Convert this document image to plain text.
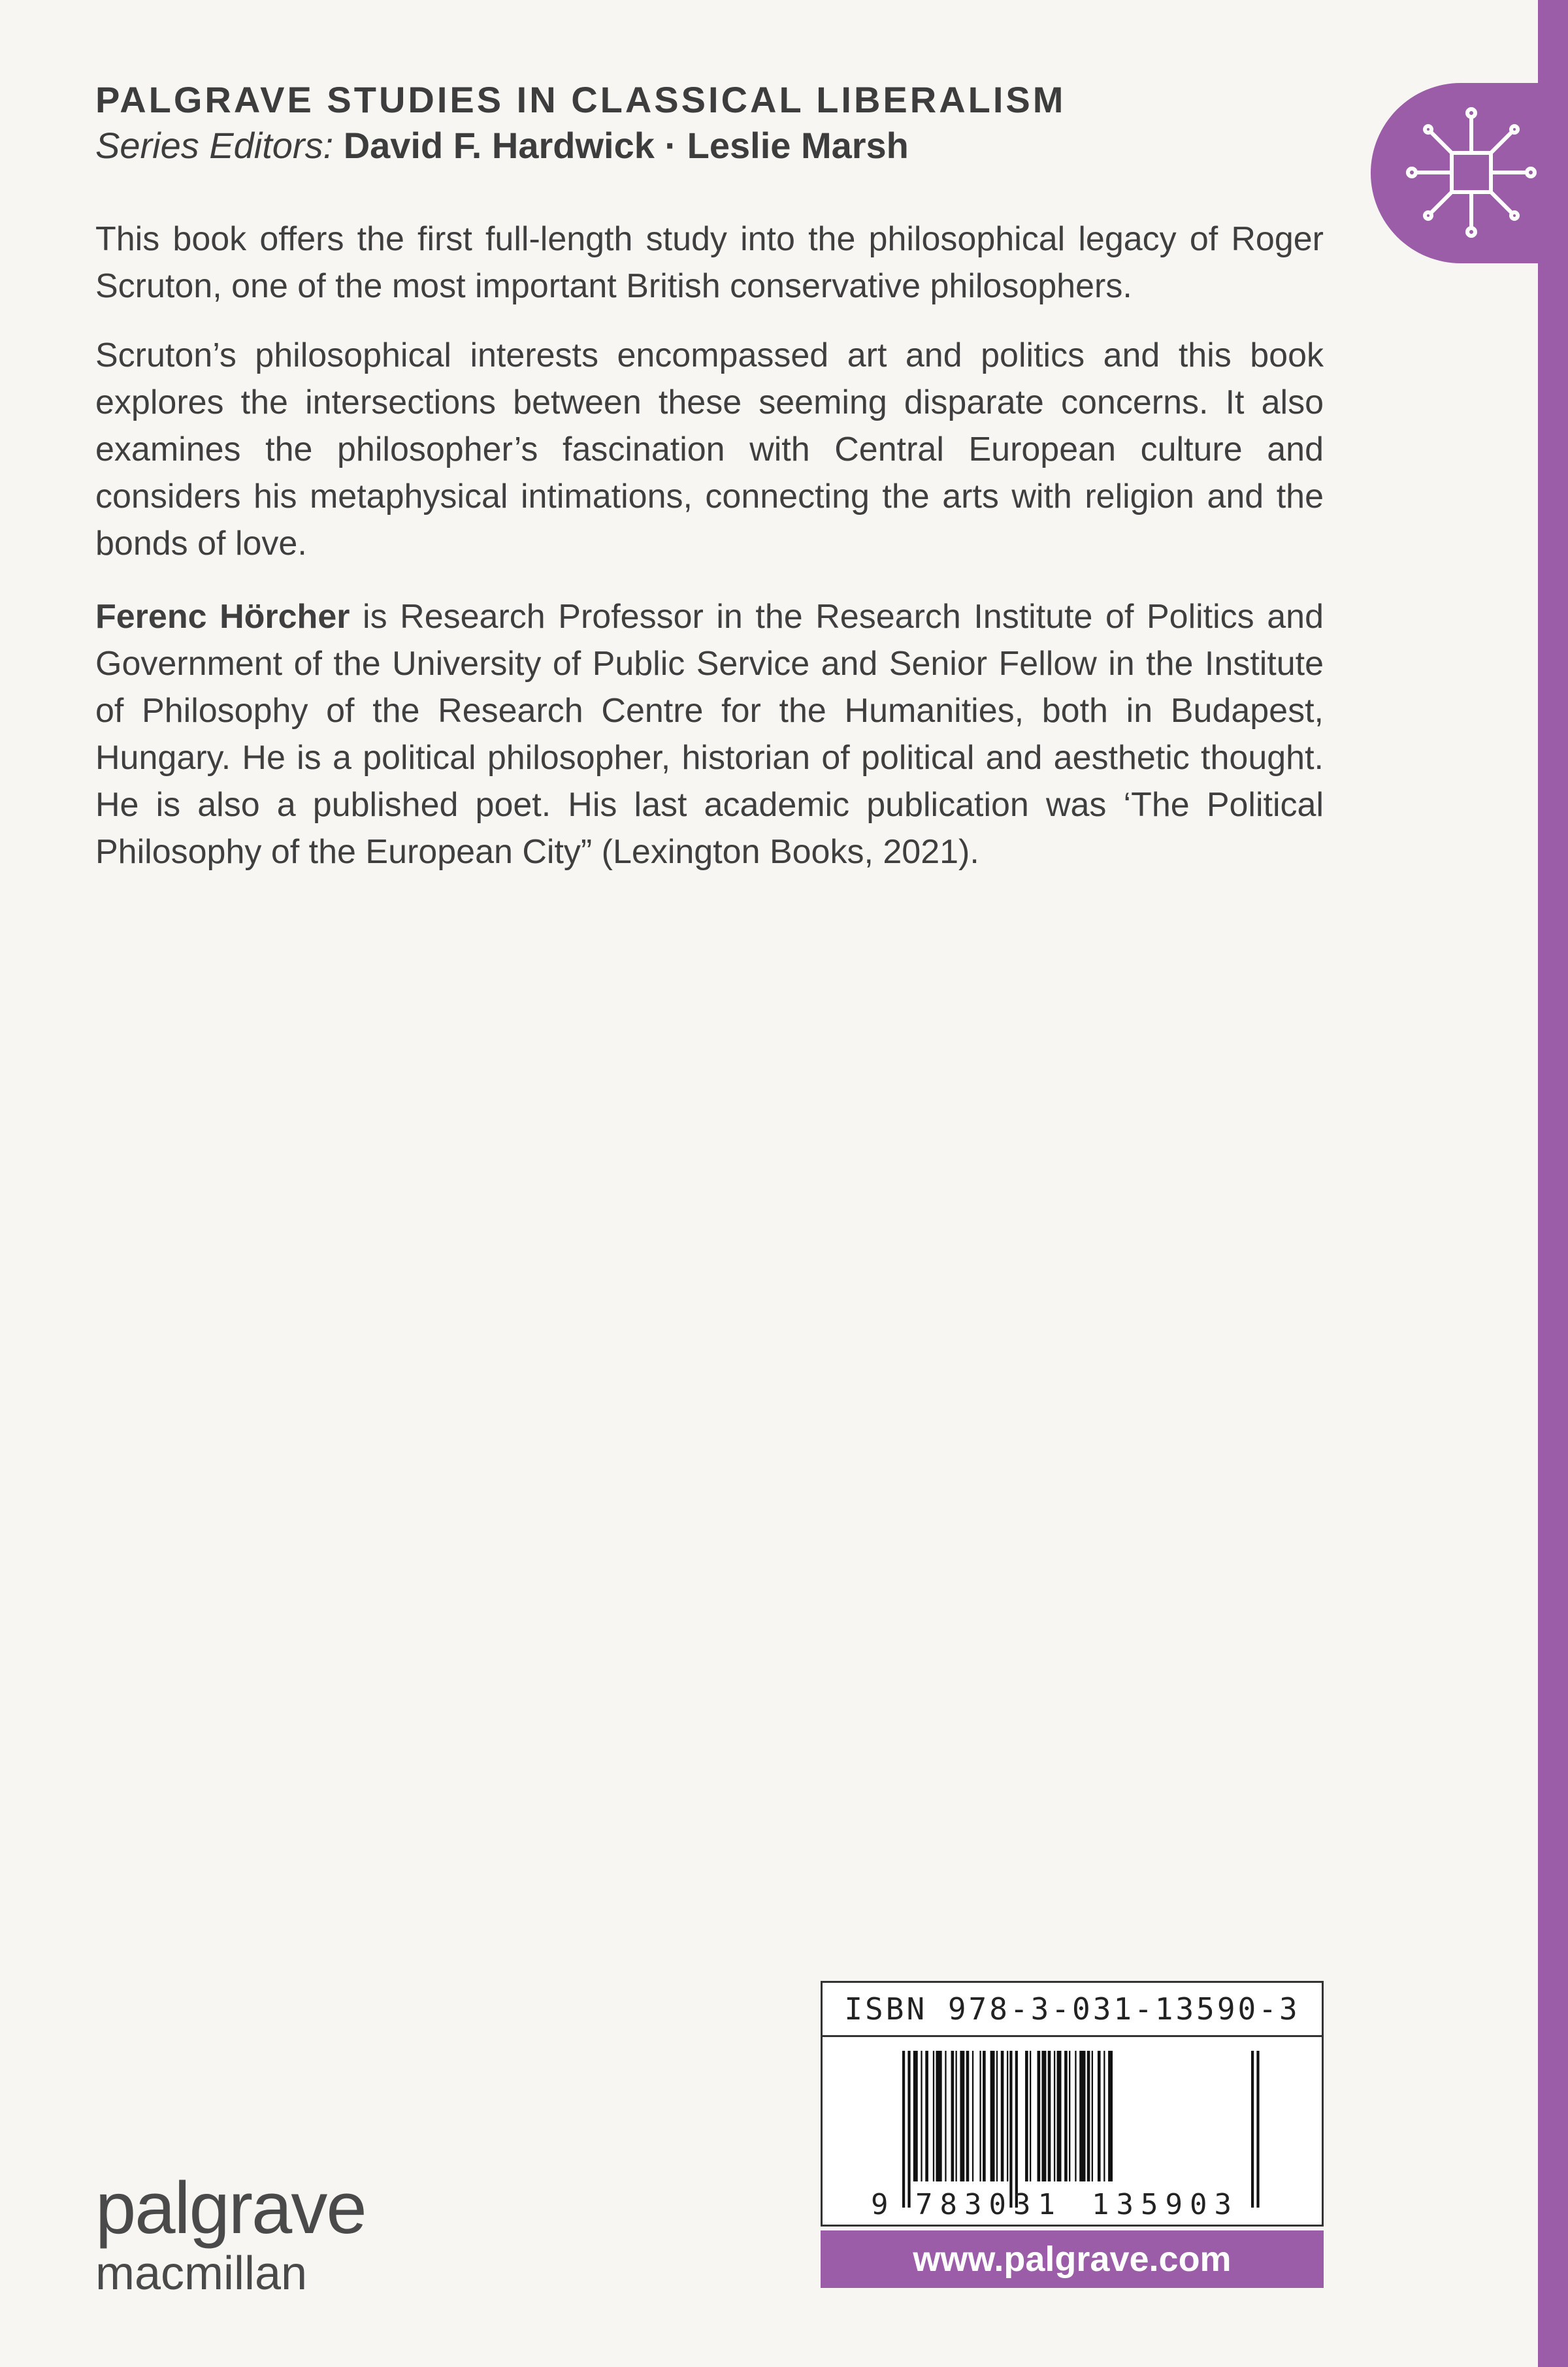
PALGRAVE STUDIES IN CLASSICAL LIBERALISM
Series Editors: David F. Hardwick · Leslie Marsh

This book offers the first full-length study into the philosophical legacy of Roger Scruton, one of the most important British conservative philosophers.

Scruton’s philosophical interests encompassed art and politics and this book explores the intersections between these seeming disparate concerns. It also examines the philosopher’s fascination with Central European culture and considers his metaphysical intimations, connecting the arts with religion and the bonds of love.

Ferenc Hörcher is Research Professor in the Research Institute of Politics and Government of the University of Public Service and Senior Fellow in the Institute of Philosophy of the Research Centre for the Humanities, both in Budapest, Hungary. He is a political philosopher, historian of political and aesthetic thought. He is also a published poet. His last academic publication was ‘The Political Philosophy of the European City” (Lexington Books, 2021).

ISBN 978-3-031-13590-3
9 783031 135903
www.palgrave.com
palgrave
macmillan
